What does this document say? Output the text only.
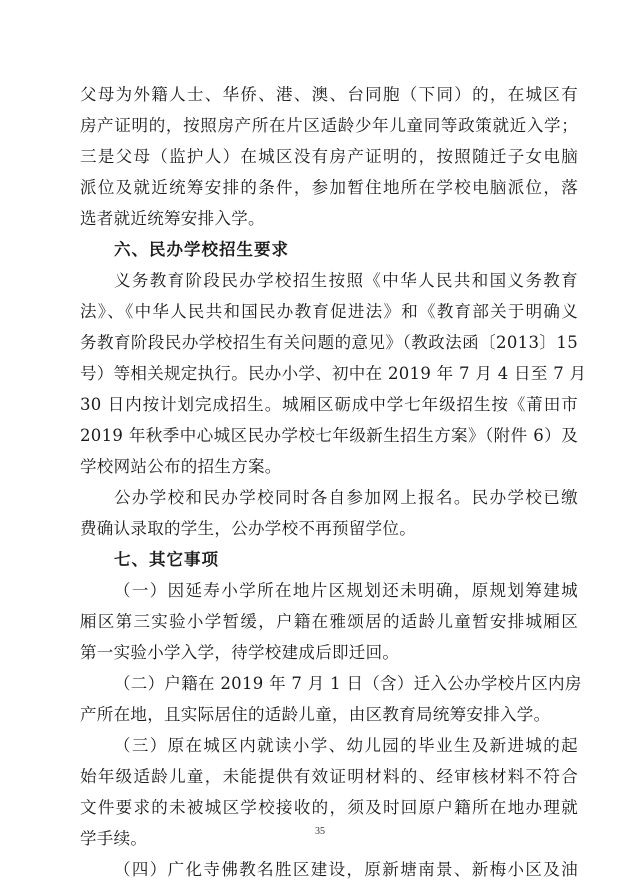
父母为外籍人士、华侨、港、澳、台同胞（下同）的，在城区有
房产证明的，按照房产所在片区适龄少年儿童同等政策就近入学；
三是父母（监护人）在城区没有房产证明的，按照随迁子女电脑
派位及就近统筹安排的条件，参加暂住地所在学校电脑派位，落
选者就近统筹安排入学。
六、民办学校招生要求
义务教育阶段民办学校招生按照《中华人民共和国义务教育
法》、《中华人民共和国民办教育促进法》和《教育部关于明确义
务教育阶段民办学校招生有关问题的意见》（教政法函〔2013〕15
号）等相关规定执行。民办小学、初中在 2019 年 7 月 4 日至 7 月
30 日内按计划完成招生。城厢区砺成中学七年级招生按《莆田市
2019 年秋季中心城区民办学校七年级新生招生方案》（附件 6）及
学校网站公布的招生方案。
公办学校和民办学校同时各自参加网上报名。民办学校已缴
费确认录取的学生，公办学校不再预留学位。
七、其它事项
（一）因延寿小学所在地片区规划还未明确，原规划筹建城
厢区第三实验小学暂缓，户籍在雅颂居的适龄儿童暂安排城厢区
第一实验小学入学，待学校建成后即迁回。
（二）户籍在 2019 年 7 月 1 日（含）迁入公办学校片区内房
产所在地，且实际居住的适龄儿童，由区教育局统筹安排入学。
（三）原在城区内就读小学、幼儿园的毕业生及新进城的起
始年级适龄儿童，未能提供有效证明材料的、经审核材料不符合
文件要求的未被城区学校接收的，须及时回原户籍所在地办理就
学手续。
（四）广化寺佛教名胜区建设，原新塘南景、新梅小区及油
35
